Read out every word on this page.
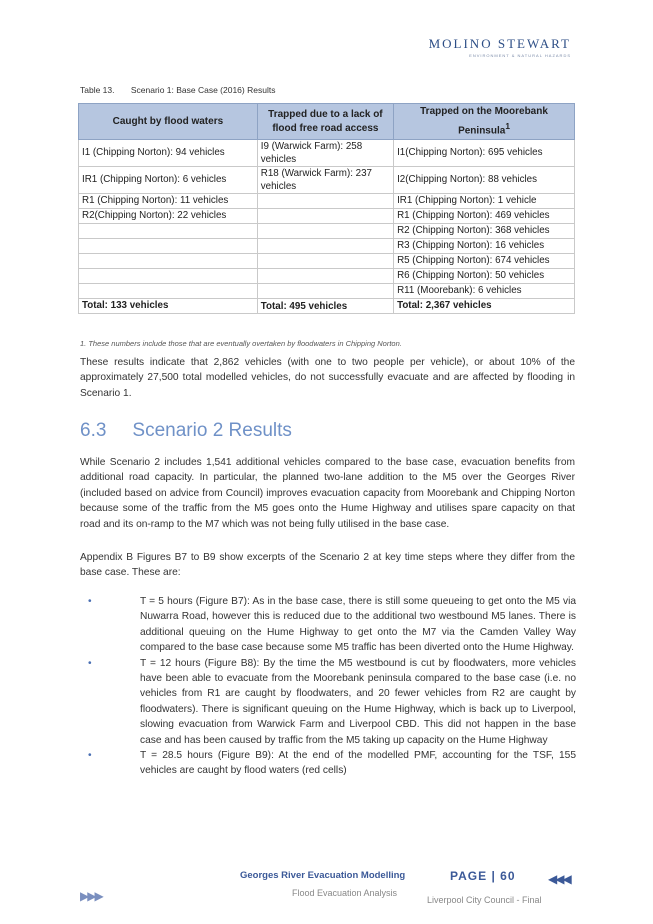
MOLINO STEWART
ENVIRONMENT & NATURAL HAZARDS
Table 13. Scenario 1: Base Case (2016) Results
Caught by flood waters	Trapped due to a lack of flood free road access	Trapped on the Moorebank Peninsula$^1$
I1 (Chipping Norton): 94 vehicles	I9 (Warwick Farm): 258 vehicles	I1(Chipping Norton): 695 vehicles
IR1 (Chipping Norton): 6 vehicles	R18 (Warwick Farm): 237 vehicles	I2(Chipping Norton): 88 vehicles
R1 (Chipping Norton): 11 vehicles		IR1 (Chipping Norton): 1 vehicle
R2(Chipping Norton): 22 vehicles		R1 (Chipping Norton): 469 vehicles
		R2 (Chipping Norton): 368 vehicles
		R3 (Chipping Norton): 16 vehicles
		R5 (Chipping Norton): 674 vehicles
		R6 (Chipping Norton): 50 vehicles
		R11 (Moorebank): 6 vehicles
Total: 133 vehicles	Total: 495 vehicles	Total: 2,367 vehicles
1. These numbers include those that are eventually overtaken by floodwaters in Chipping Norton.

These results indicate that 2,862 vehicles (with one to two people per vehicle), or about 10% of the approximately 27,500 total modelled vehicles, do not successfully evacuate and are affected by flooding in Scenario 1.

6.3 Scenario 2 Results

While Scenario 2 includes 1,541 additional vehicles compared to the base case, evacuation benefits from additional road capacity. In particular, the planned two-lane addition to the M5 over the Georges River (included based on advice from Council) improves evacuation capacity from Moorebank and Chipping Norton because some of the traffic from the M5 goes onto the Hume Highway and utilises spare capacity on that road and its on-ramp to the M7 which was not being fully utilised in the base case.

Appendix B Figures B7 to B9 show excerpts of the Scenario 2 at key time steps where they differ from the base case. These are:

•	T = 5 hours (Figure B7): As in the base case, there is still some queueing to get onto the M5 via Nuwarra Road, however this is reduced due to the additional two westbound M5 lanes. There is additional queuing on the Hume Highway to get onto the M7 via the Camden Valley Way compared to the base case because some M5 traffic has been diverted onto the Hume Highway.
•	T = 12 hours (Figure B8): By the time the M5 westbound is cut by floodwaters, more vehicles have been able to evacuate from the Moorebank peninsula compared to the base case (i.e. no vehicles from R1 are caught by floodwaters, and 20 fewer vehicles from R2 are caught by floodwaters). There is significant queuing on the Hume Highway, which is back up to Liverpool, slowing evacuation from Warwick Farm and Liverpool CBD. This did not happen in the base case and has been caused by traffic from the M5 taking up capacity on the Hume Highway
•	T = 28.5 hours (Figure B9): At the end of the modelled PMF, accounting for the TSF, 155 vehicles are caught by flood waters (red cells)
▶▶▶
Georges River Evacuation Modelling
Flood Evacuation Analysis
PAGE | 60	◀◀◀
Liverpool City Council - Final
